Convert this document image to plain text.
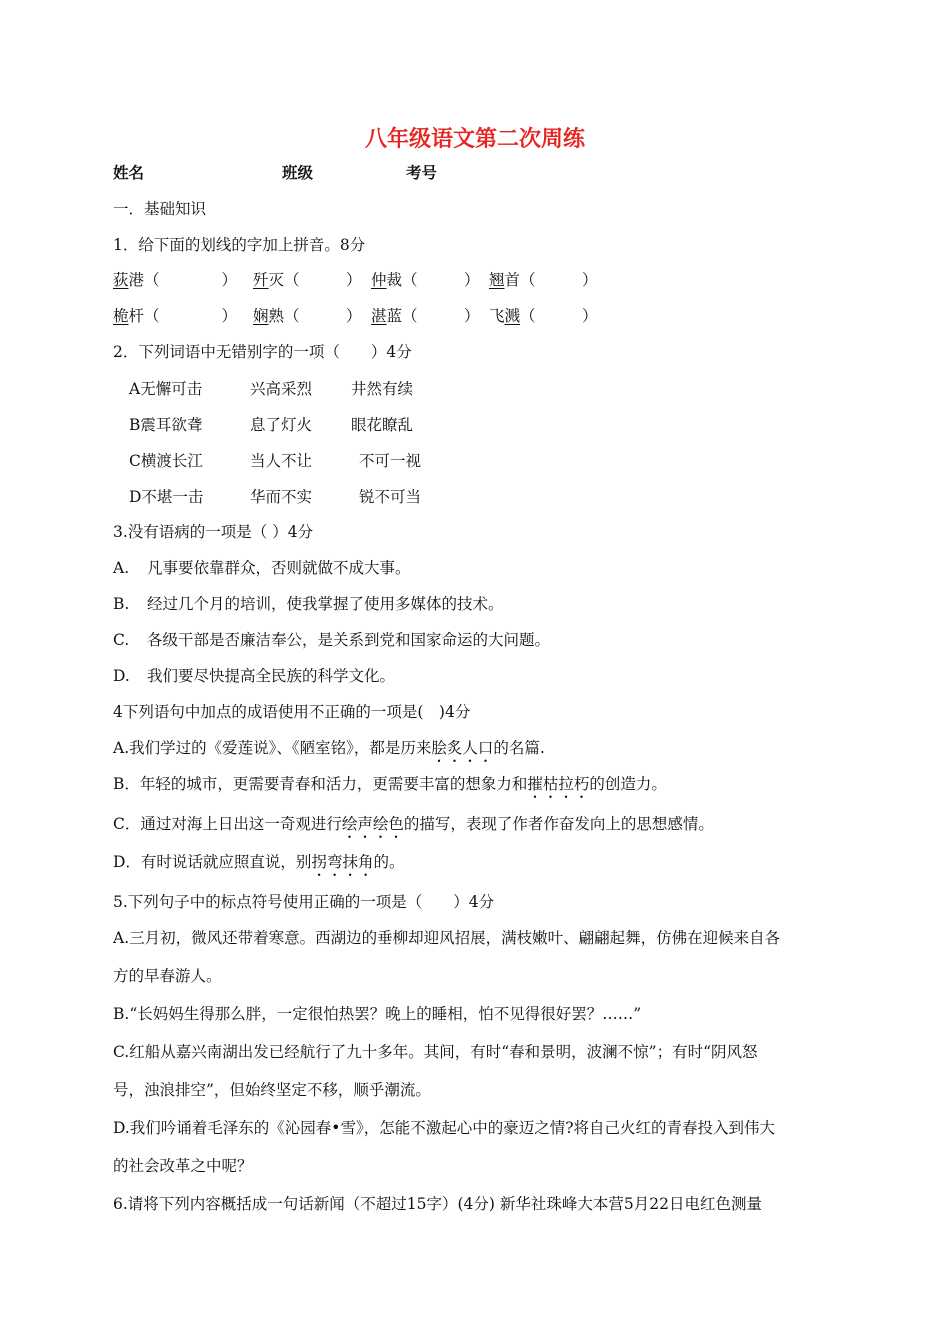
八年级语文第二次周练
姓名	班级	考号
一．基础知识
1．给下面的划线的字加上拼音。8分
荻港（　　　　） 歼灭（　　　） 仲裁（　　　） 翘首（　　　）
桅杆（　　　　） 娴熟（　　　） 湛蓝（　　　） 飞溅（　　　）
2．下列词语中无错别字的一项（　　）4分
A无懈可击	兴高采烈	井然有续
B震耳欲聋	息了灯火	眼花瞭乱
C横渡长江	当人不让	不可一视
D不堪一击	华而不实	锐不可当
3.没有语病的一项是（ ）4分
A. 凡事要依靠群众，否则就做不成大事。
B. 经过几个月的培训，使我掌握了使用多媒体的技术。
C. 各级干部是否廉洁奉公，是关系到党和国家命运的大问题。
D. 我们要尽快提高全民族的科学文化。
4下列语句中加点的成语使用不正确的一项是(　)4分
A.我们学过的《爱莲说》、《陋室铭》，都是历来脍炙人口的名篇.
B．年轻的城市，更需要青春和活力，更需要丰富的想象力和摧枯拉朽的创造力。
C．通过对海上日出这一奇观进行绘声绘色的描写，表现了作者作奋发向上的思想感情。
D．有时说话就应照直说，别拐弯抹角的。
5.下列句子中的标点符号使用正确的一项是（　　）4分
A.三月初，微风还带着寒意。西湖边的垂柳却迎风招展，满枝嫩叶、翩翩起舞，仿佛在迎候来自各
方的早春游人。
B.“长妈妈生得那么胖，一定很怕热罢？晚上的睡相，怕不见得很好罢？……”
C.红船从嘉兴南湖出发已经航行了九十多年。其间，有时“春和景明，波澜不惊”；有时“阴风怒
号，浊浪排空”，但始终坚定不移，顺乎潮流。
D.我们吟诵着毛泽东的《沁园春•雪》，怎能不激起心中的豪迈之情?将自己火红的青春投入到伟大
的社会改革之中呢？
6.请将下列内容概括成一句话新闻（不超过15字）(4分) 新华社珠峰大本营5月22日电红色测量
